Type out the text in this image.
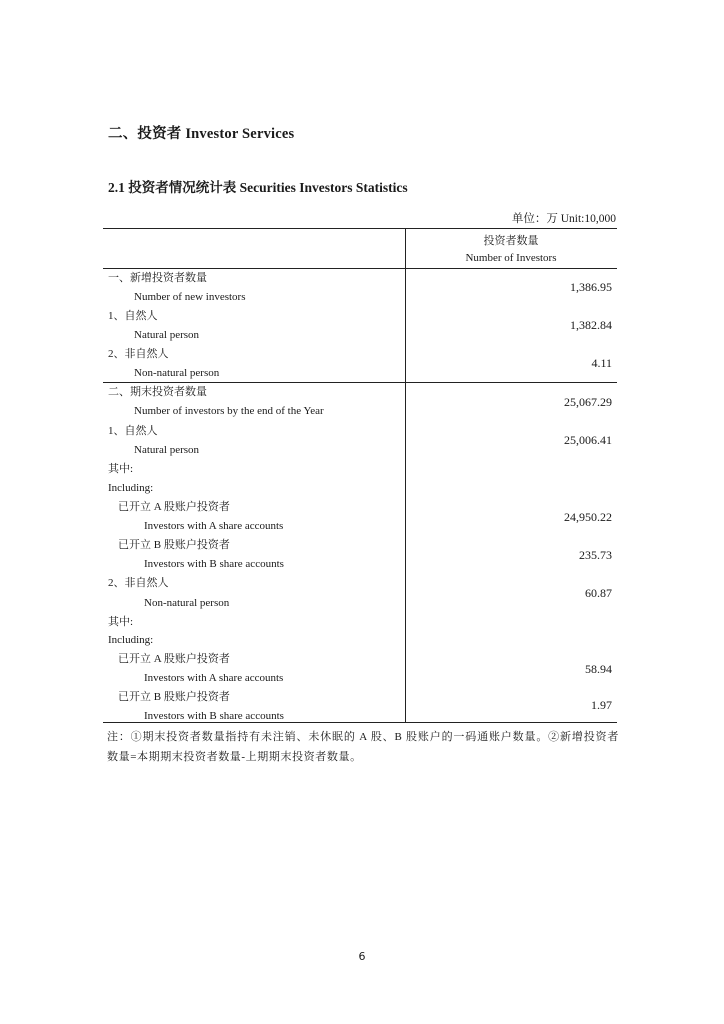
二、投资者 Investor Services
2.1 投资者情况统计表 Securities Investors Statistics
单位：万 Unit:10,000
投资者数量
Number of Investors
一、新增投资者数量
Number of new investors
1,386.95
1、自然人
Natural person
1,382.84
2、非自然人
Non-natural person
4.11
二、期末投资者数量
Number of investors by the end of the Year
25,067.29
1、自然人
Natural person
25,006.41
其中:
Including:
已开立 A 股账户投资者
Investors with A share accounts
24,950.22
已开立 B 股账户投资者
Investors with B share accounts
235.73
2、非自然人
Non-natural person
60.87
其中:
Including:
已开立 A 股账户投资者
Investors with A share accounts
58.94
已开立 B 股账户投资者
Investors with B share accounts
1.97
注：①期末投资者数量指持有未注销、未休眠的 A 股、B 股账户的一码通账户数量。②新增投资者数量=本期期末投资者数量-上期期末投资者数量。
6
